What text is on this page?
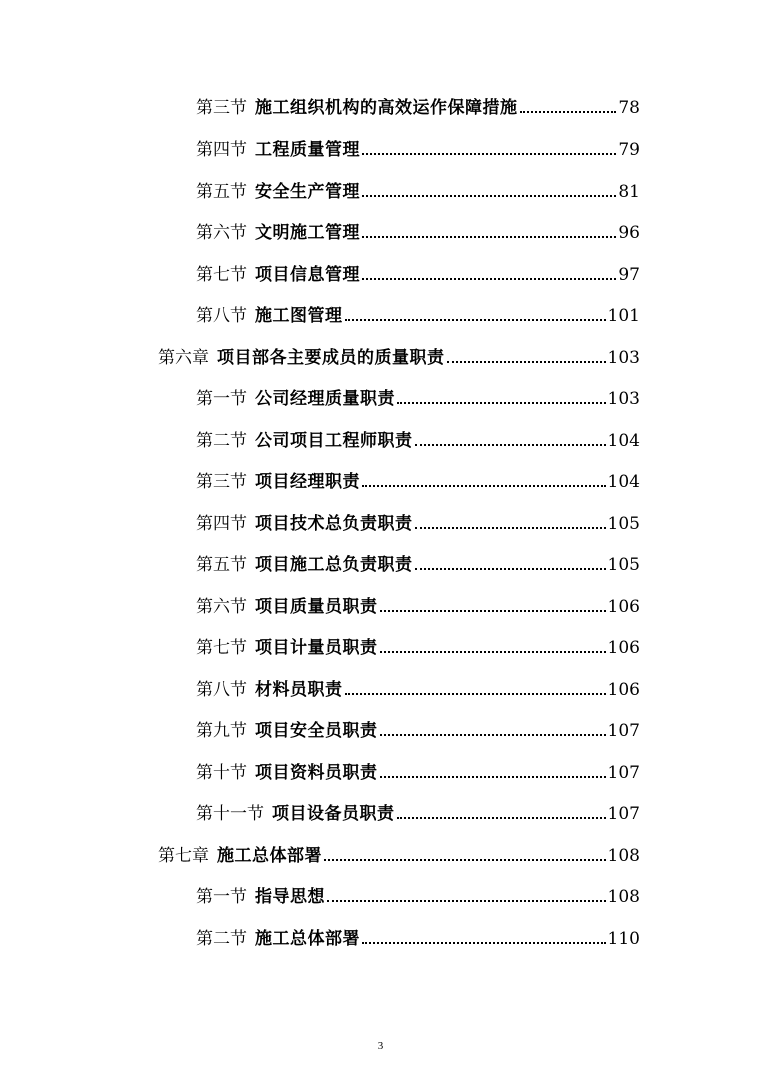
第三节 施工组织机构的高效运作保障措施	78
第四节 工程质量管理	79
第五节 安全生产管理	81
第六节 文明施工管理	96
第七节 项目信息管理	97
第八节 施工图管理	101
第六章 项目部各主要成员的质量职责	103
第一节 公司经理质量职责	103
第二节 公司项目工程师职责	104
第三节 项目经理职责	104
第四节 项目技术总负责职责	105
第五节 项目施工总负责职责	105
第六节 项目质量员职责	106
第七节 项目计量员职责	106
第八节 材料员职责	106
第九节 项目安全员职责	107
第十节 项目资料员职责	107
第十一节 项目设备员职责	107
第七章 施工总体部署	108
第一节 指导思想	108
第二节 施工总体部署	110
3
